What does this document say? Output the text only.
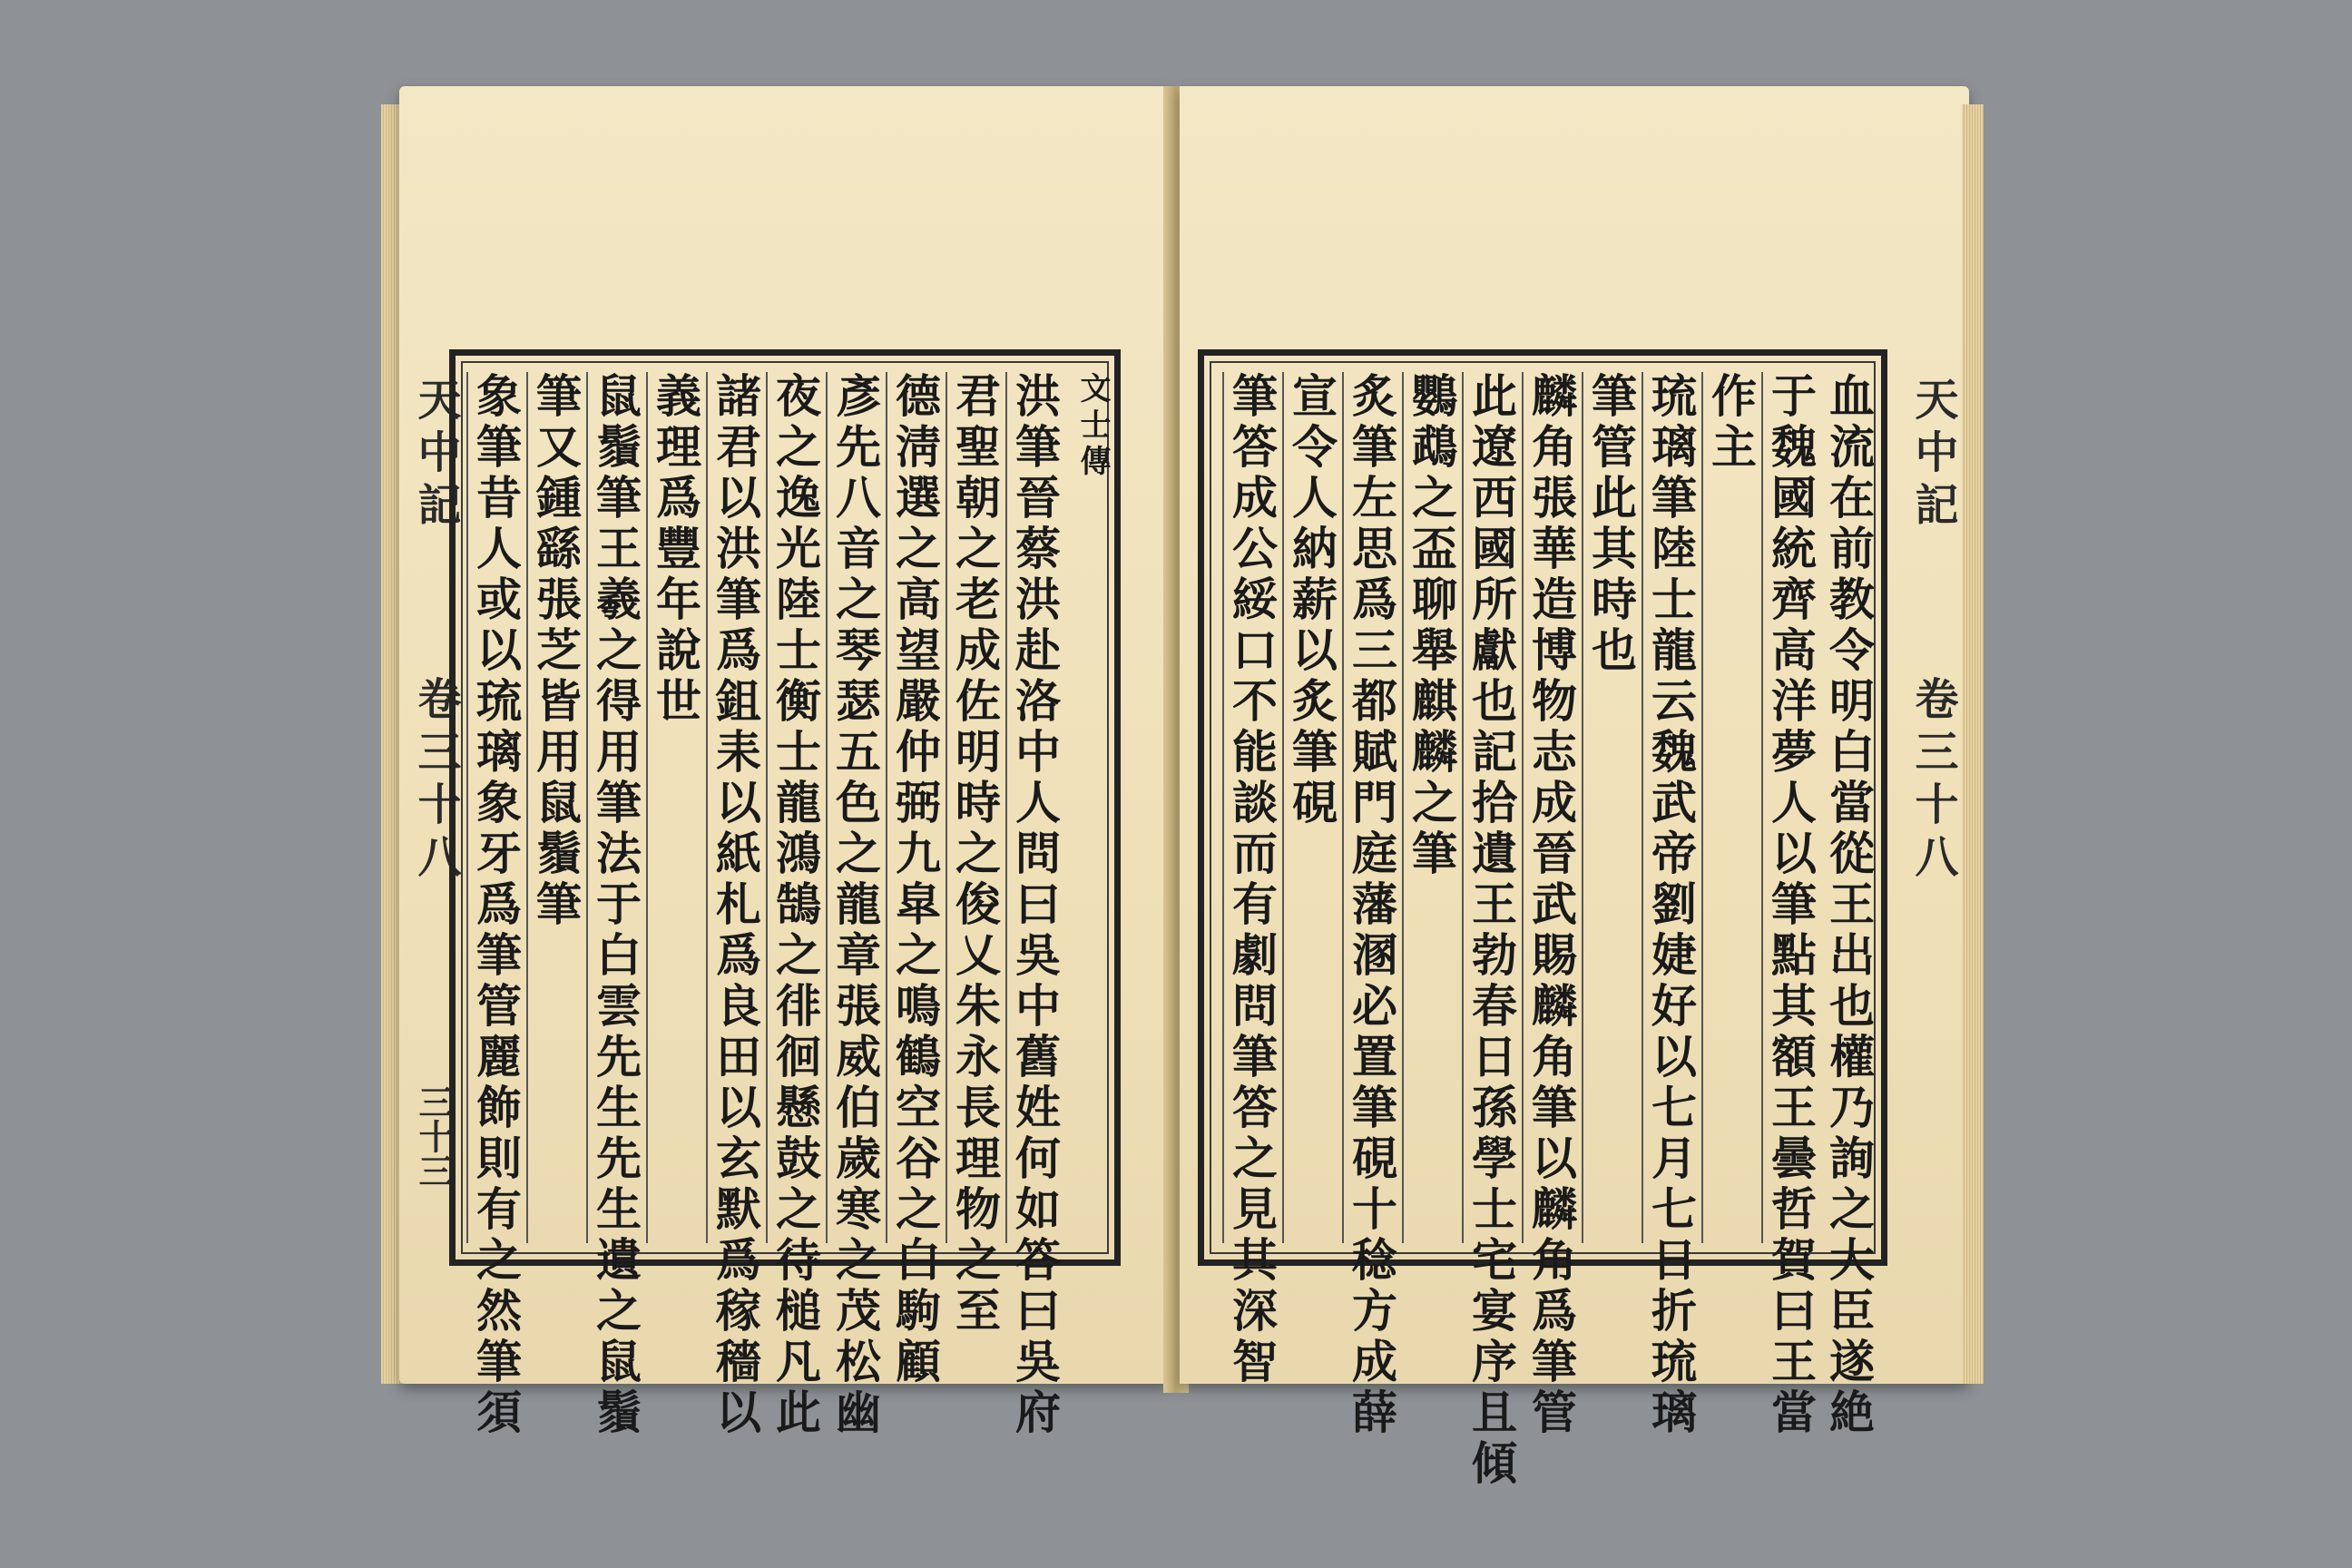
天中記
卷三十八
三十三
文士傳
洪筆晉蔡洪赴洛中人問曰吳中舊姓何如答曰吳府
君聖朝之老成佐明時之俊乂朱永長理物之至
德淸選之高望嚴仲弼九皐之鳴鶴空谷之白駒顧
彥先八音之琴瑟五色之龍章張威伯歲寒之茂松幽
夜之逸光陸士衡士龍鴻鵠之徘徊懸鼓之待槌凡此
諸君以洪筆爲鉏耒以紙札爲良田以玄默爲稼穡以
義理爲豐年說世
鼠鬚筆王羲之得用筆法于白雲先生先生遺之鼠鬚
筆又鍾繇張芝皆用鼠鬚筆
象筆昔人或以琉璃象牙爲筆管麗飾則有之然筆須	血流在前教令明白當從王出也權乃詢之大臣遂絶
于魏國統齊高洋夢人以筆點其額王曇哲賀曰王當
作主
琉璃筆陸士龍云魏武帝劉婕好以七月七日折琉璃
筆管此其時也
麟角張華造博物志成晉武賜麟角筆以麟角爲筆管
此遼西國所獻也記拾遺王勃春日孫學士宅宴序且傾
鸚鵡之盃聊舉麒麟之筆
炙筆左思爲三都賦門庭藩溷必置筆硯十稔方成薛
宣令人納薪以炙筆硯
筆答成公綏口不能談而有劇問筆答之見其深智	天中記
卷三十八
